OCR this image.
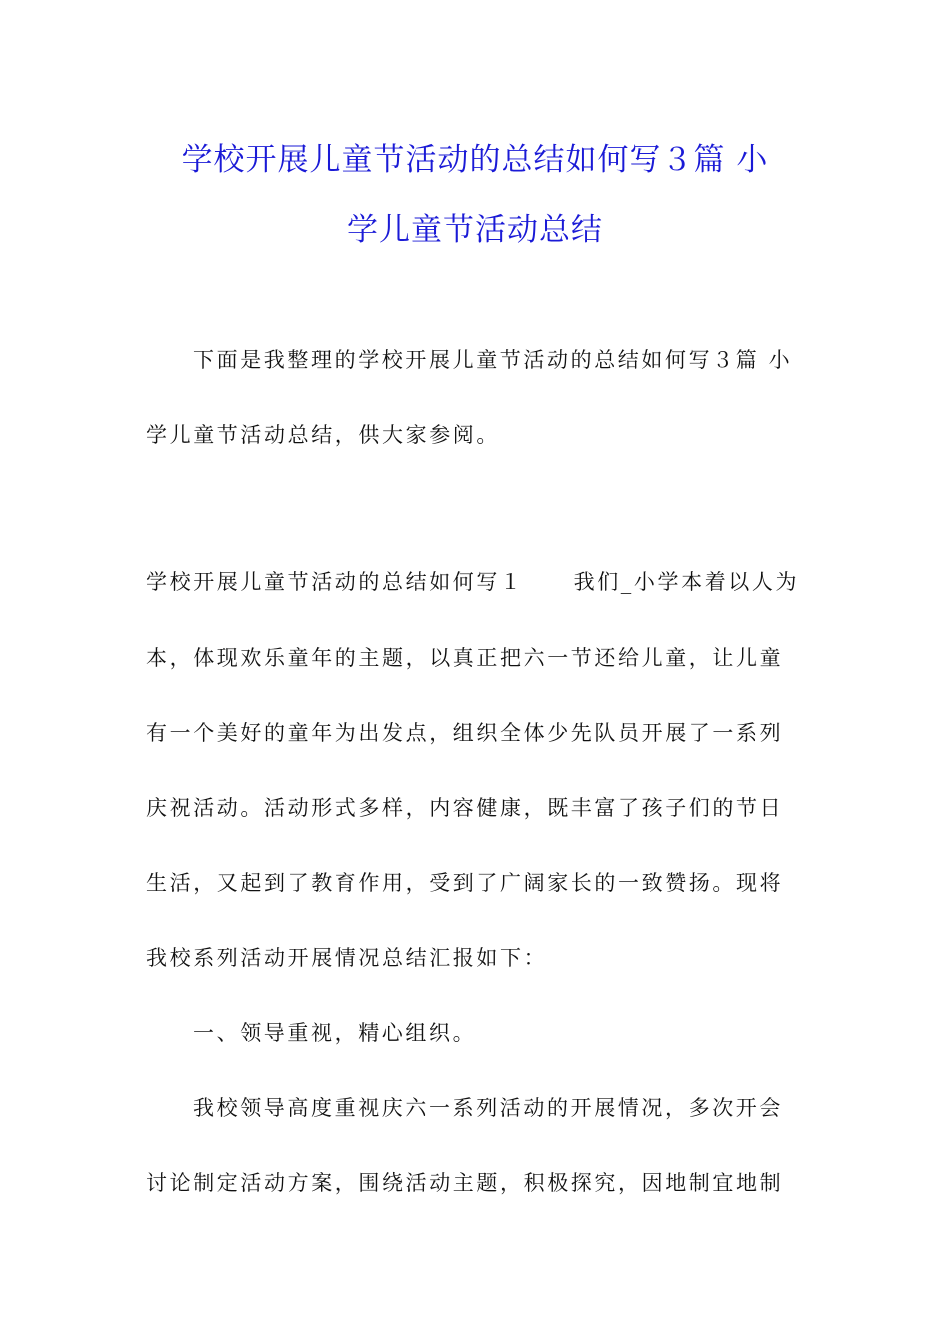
学校开展儿童节活动的总结如何写３篇 小
学儿童节活动总结
下面是我整理的学校开展儿童节活动的总结如何写３篇 小
学儿童节活动总结，供大家参阅。
学校开展儿童节活动的总结如何写１ 我们_小学本着以人为
本，体现欢乐童年的主题，以真正把六一节还给儿童，让儿童
有一个美好的童年为出发点，组织全体少先队员开展了一系列
庆祝活动。活动形式多样，内容健康，既丰富了孩子们的节日
生活，又起到了教育作用，受到了广阔家长的一致赞扬。现将
我校系列活动开展情况总结汇报如下：
一、领导重视，精心组织。
我校领导高度重视庆六一系列活动的开展情况，多次开会
讨论制定活动方案，围绕活动主题，积极探究，因地制宜地制
